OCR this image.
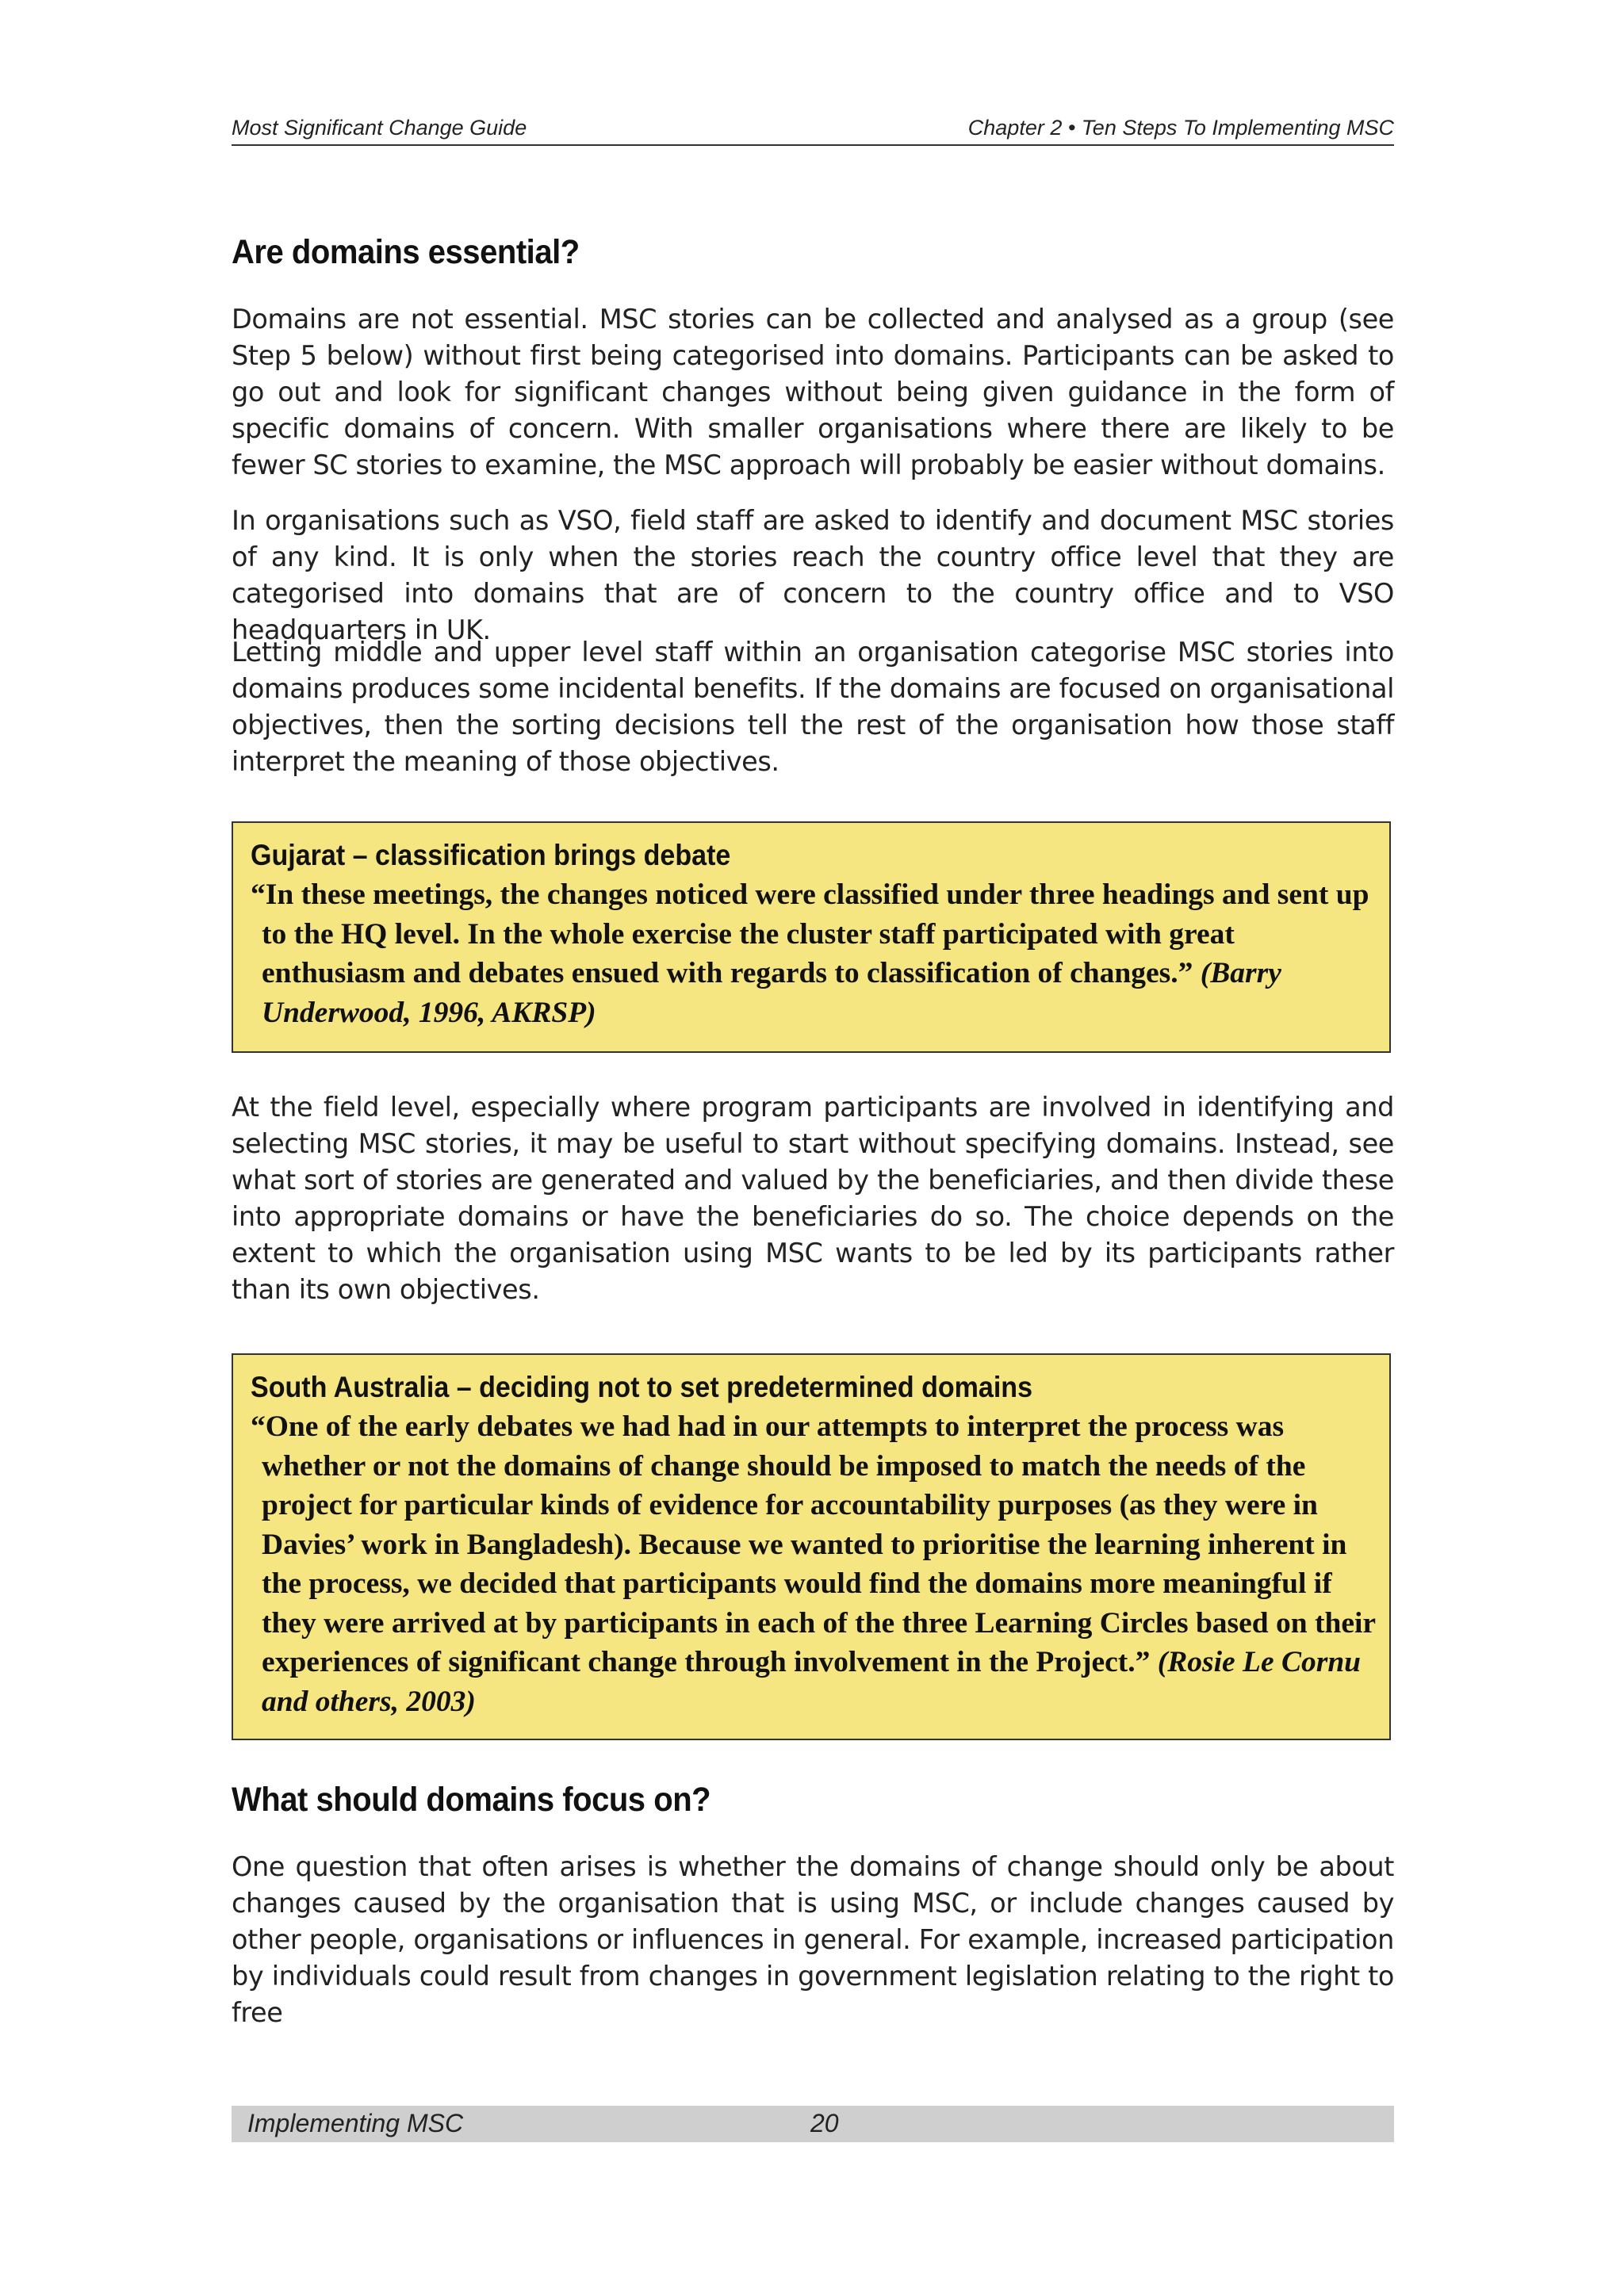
Most Significant Change Guide	Chapter 2 • Ten Steps To Implementing MSC
Are domains essential?

Domains are not essential. MSC stories can be collected and analysed as a group (see Step 5 below) without first being categorised into domains. Participants can be asked to go out and look for significant changes without being given guidance in the form of specific domains of concern. With smaller organisations where there are likely to be fewer SC stories to examine, the MSC approach will probably be easier without domains.

In organisations such as VSO, field staff are asked to identify and document MSC stories of any kind. It is only when the stories reach the country office level that they are categorised into domains that are of concern to the country office and to VSO headquarters in UK.

Letting middle and upper level staff within an organisation categorise MSC stories into domains produces some incidental benefits. If the domains are focused on organisational objectives, then the sorting decisions tell the rest of the organisation how those staff interpret the meaning of those objectives.

Gujarat – classification brings debate

“In these meetings, the changes noticed were classified under three headings and sent up to the HQ level. In the whole exercise the cluster staff participated with great enthusiasm and debates ensued with regards to classification of changes.” (Barry Underwood, 1996, AKRSP)

At the field level, especially where program participants are involved in identifying and selecting MSC stories, it may be useful to start without specifying domains. Instead, see what sort of stories are generated and valued by the beneficiaries, and then divide these into appropriate domains or have the beneficiaries do so. The choice depends on the extent to which the organisation using MSC wants to be led by its participants rather than its own objectives.

South Australia – deciding not to set predetermined domains

“One of the early debates we had had in our attempts to interpret the process was whether or not the domains of change should be imposed to match the needs of the project for particular kinds of evidence for accountability purposes (as they were in Davies’ work in Bangladesh). Because we wanted to prioritise the learning inherent in the process, we decided that participants would find the domains more meaningful if they were arrived at by participants in each of the three Learning Circles based on their experiences of significant change through involvement in the Project.” (Rosie Le Cornu and others, 2003)

What should domains focus on?

One question that often arises is whether the domains of change should only be about changes caused by the organisation that is using MSC, or include changes caused by other people, organisations or influences in general. For example, increased participation by individuals could result from changes in government legislation relating to the right to free

Implementing MSC	20
